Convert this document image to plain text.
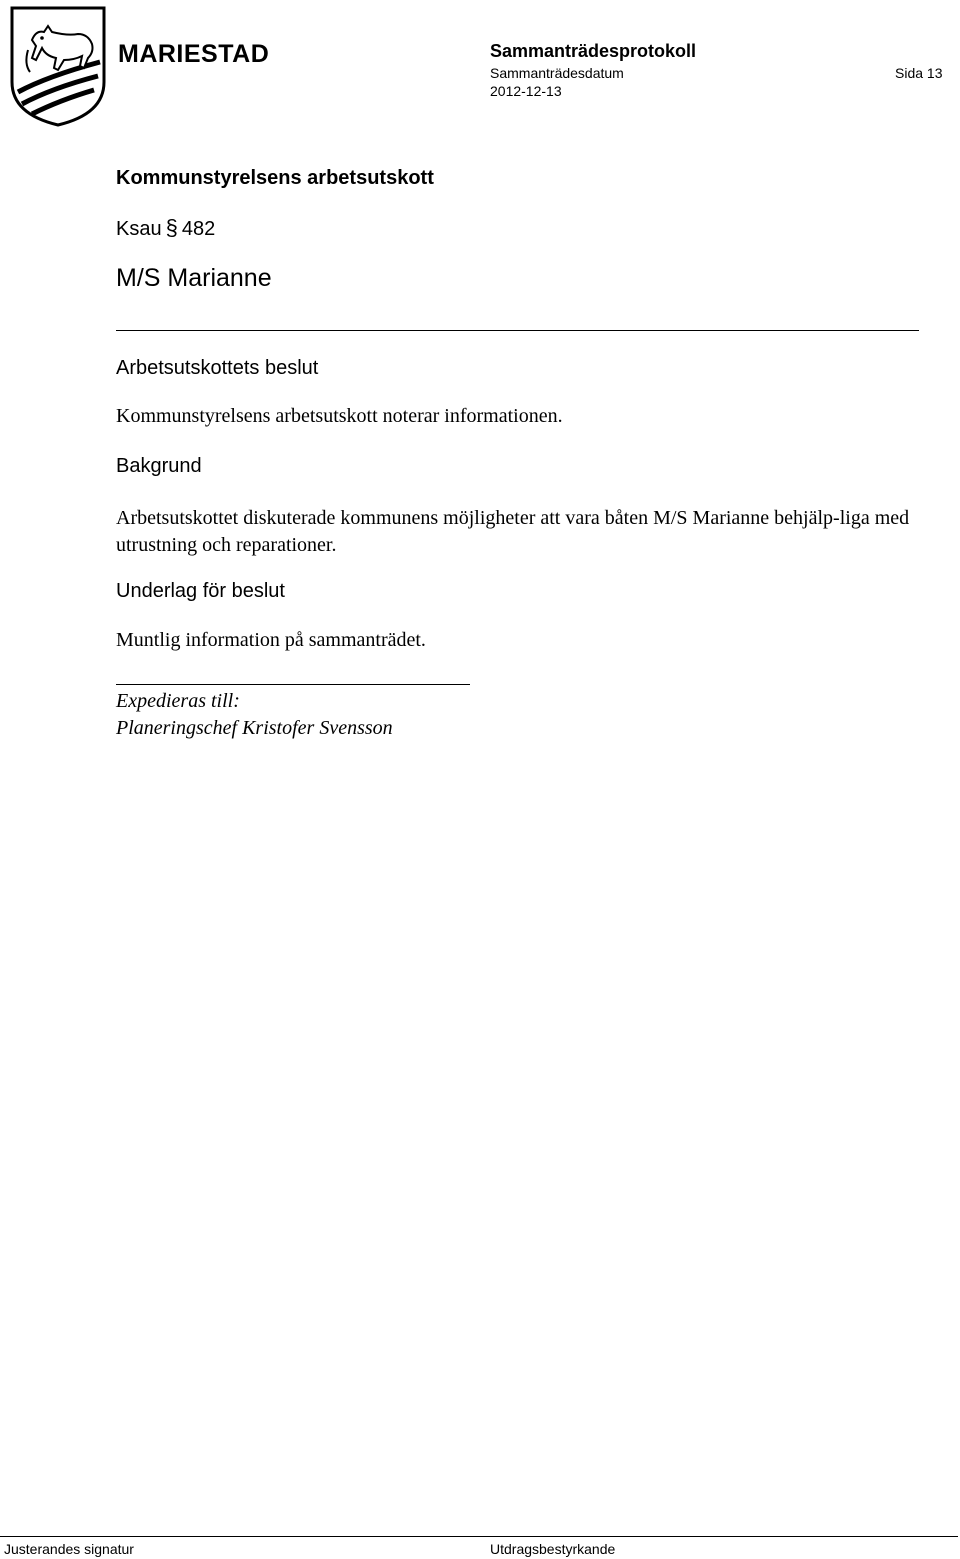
MARIESTAD	Sammanträdesprotokoll
Sammanträdesdatum	Sida 13
2012-12-13
Kommunstyrelsens arbetsutskott
Ksau § 482
M/S Marianne
Arbetsutskottets beslut
Kommunstyrelsens arbetsutskott noterar informationen.
Bakgrund
Arbetsutskottet diskuterade kommunens möjligheter att vara båten M/S Marianne behjälp-liga med utrustning och reparationer.
Underlag för beslut
Muntlig information på sammanträdet.
Expedieras till:
Planeringschef Kristofer Svensson
Justerandes signatur	Utdragsbestyrkande
